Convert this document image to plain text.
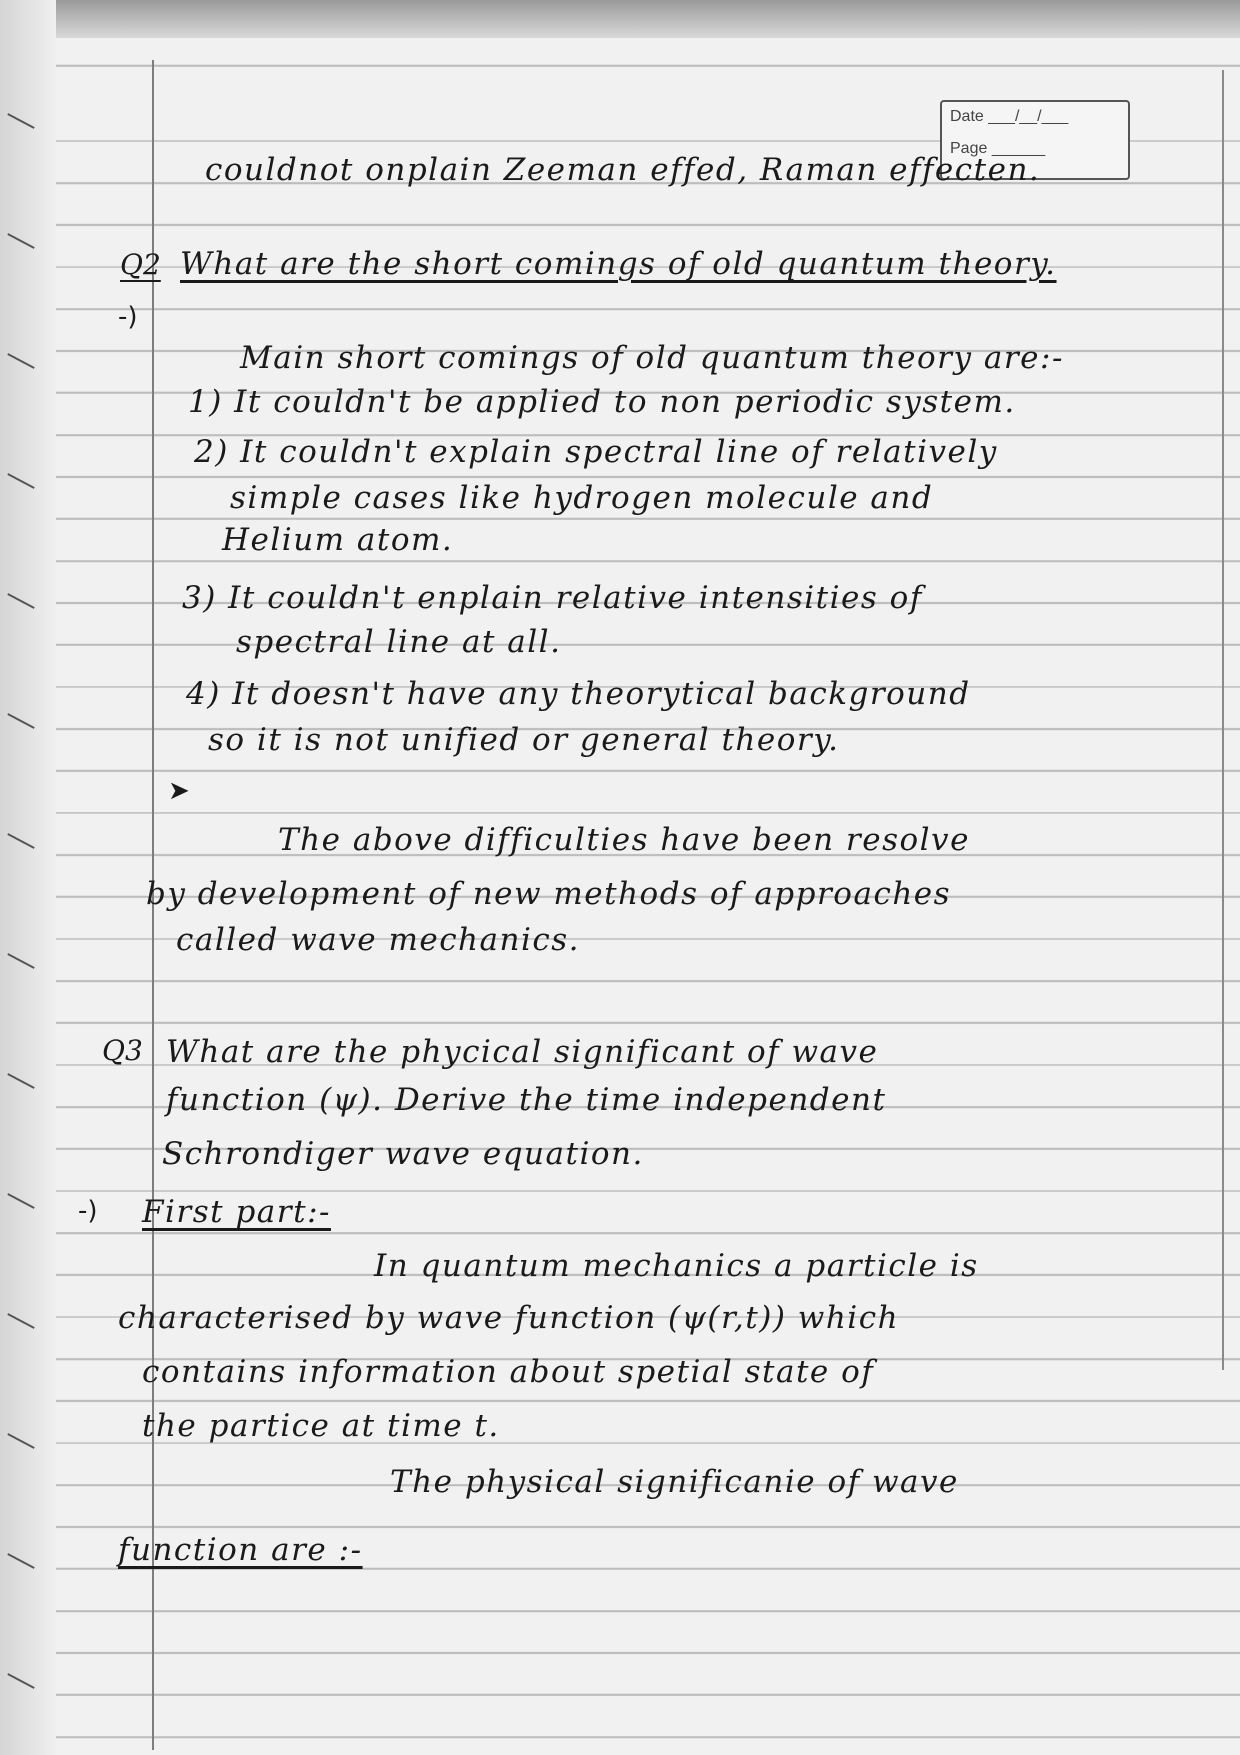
Date ___/__/___
Page ______
couldnot onplain Zeeman effed, Raman effecten.
Q2 What are the short comings of old quantum theory.
-)
Main short comings of old quantum theory are:-
1) It couldn't be applied to non periodic system.
2) It couldn't explain spectral line of relatively
simple cases like hydrogen molecule and
Helium atom.
3) It couldn't enplain relative intensities of
spectral line at all.
4) It doesn't have any theorytical background
so it is not unified or general theory.
➤
The above difficulties have been resolve
by development of new methods of approaches
called wave mechanics.
Q3 What are the phycical significant of wave
function (ψ). Derive the time independent
Schrondiger wave equation.
-) First part:-
In quantum mechanics a particle is
characterised by wave function (ψ(r,t)) which
contains information about spetial state of
the partice at time t.
The physical significanie of wave
function are :-
